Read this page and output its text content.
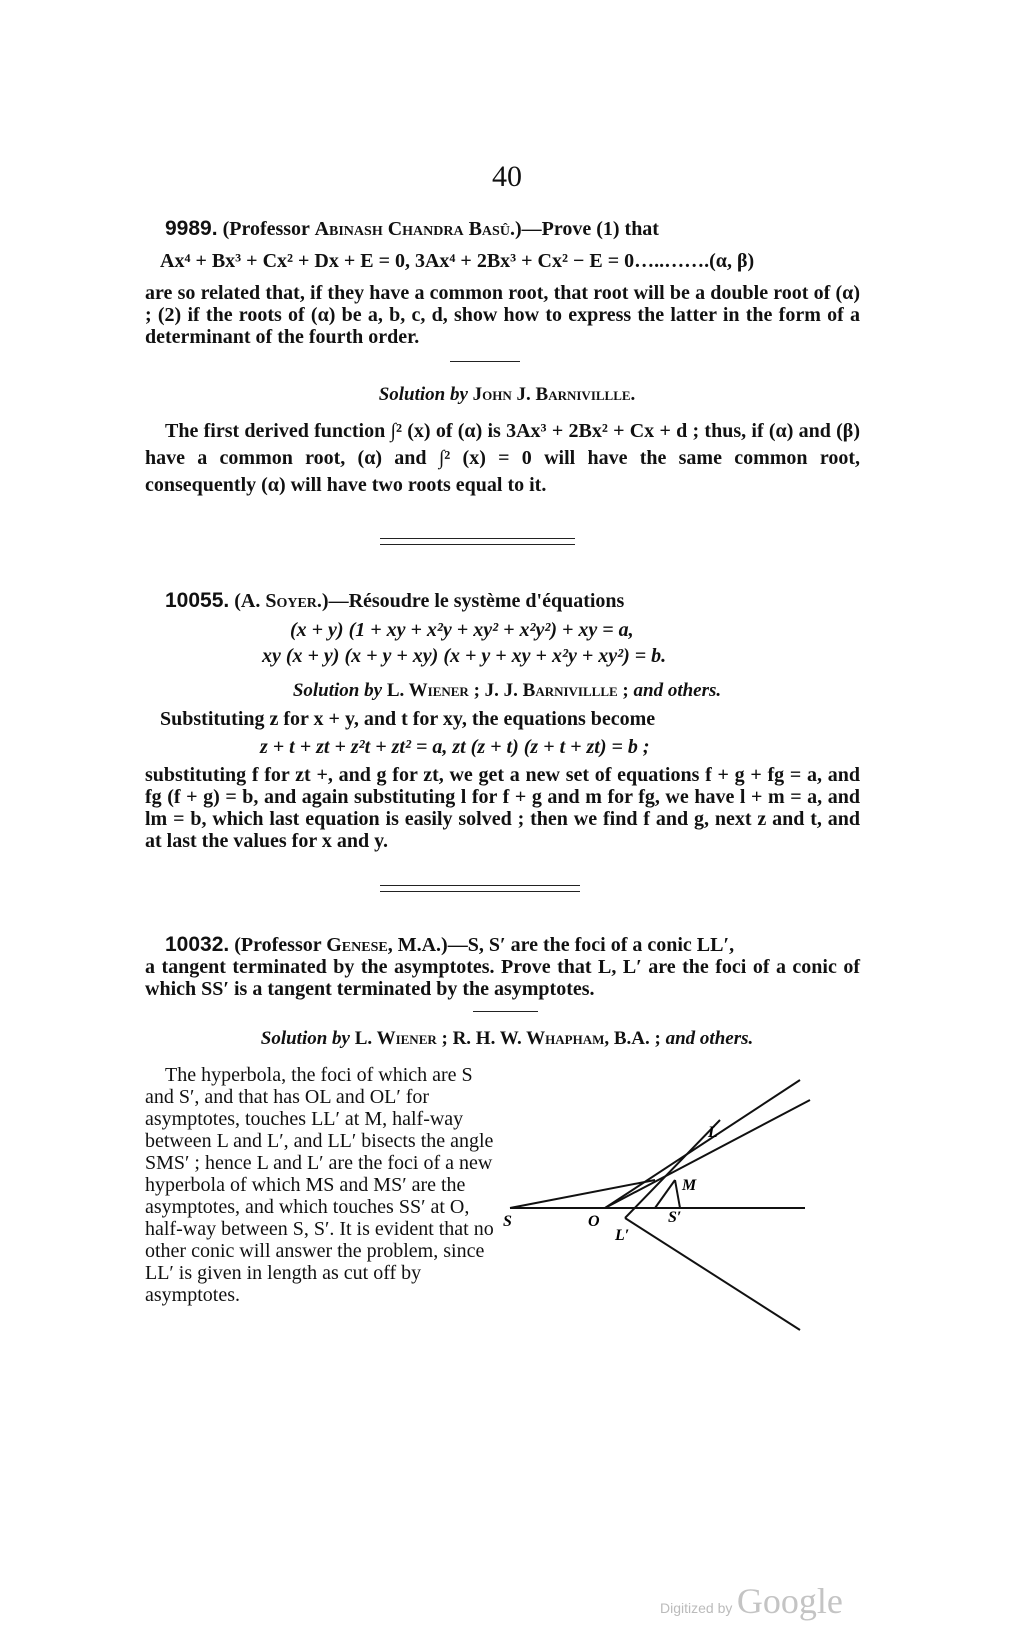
40
9989. (Professor Abinash Chandra Basû.)—Prove (1) that
Ax⁴ + Bx³ + Cx² + Dx + E = 0, 3Ax⁴ + 2Bx³ + Cx² − E = 0…..…….(α, β)
are so related that, if they have a common root, that root will be a double root of (α) ; (2) if the roots of (α) be a, b, c, d, show how to express the latter in the form of a determinant of the fourth order.
Solution by John J. Barnivillle.
The first derived function ∫² (x) of (α) is 3Ax³ + 2Bx² + Cx + d ; thus, if (α) and (β) have a common root, (α) and ∫² (x) = 0 will have the same common root, consequently (α) will have two roots equal to it.
10055. (A. Soyer.)—Résoudre le système d'équations
(x + y) (1 + xy + x²y + xy² + x²y²) + xy = a,
xy (x + y) (x + y + xy) (x + y + xy + x²y + xy²) = b.
Solution by L. Wiener ; J. J. Barnivillle ; and others.
Substituting z for x + y, and t for xy, the equations become
z + t + zt + z²t + zt² = a, zt (z + t) (z + t + zt) = b ;
substituting f for zt +, and g for zt, we get a new set of equations f + g + fg = a, and fg (f + g) = b, and again substituting l for f + g and m for fg, we have l + m = a, and lm = b, which last equation is easily solved ; then we find f and g, next z and t, and at last the values for x and y.
10032. (Professor Genese, M.A.)—S, S′ are the foci of a conic LL′,
a tangent terminated by the asymptotes. Prove that L, L′ are the foci of a conic of which SS′ is a tangent terminated by the asymptotes.
Solution by L. Wiener ; R. H. W. Whapham, B.A. ; and others.
The hyperbola, the foci of which are S and S′, and that has OL and OL′ for asymptotes, touches LL′ at M, half-way between L and L′, and LL′ bisects the angle SMS′ ; hence L and L′ are the foci of a new hyperbola of which MS and MS′ are the asymptotes, and which touches SS′ at O, half-way between S, S′. It is evident that no other conic will answer the problem, since LL′ is given in length as cut off by asymptotes.
L
M
S	O	S′
L′
Digitized by Google
